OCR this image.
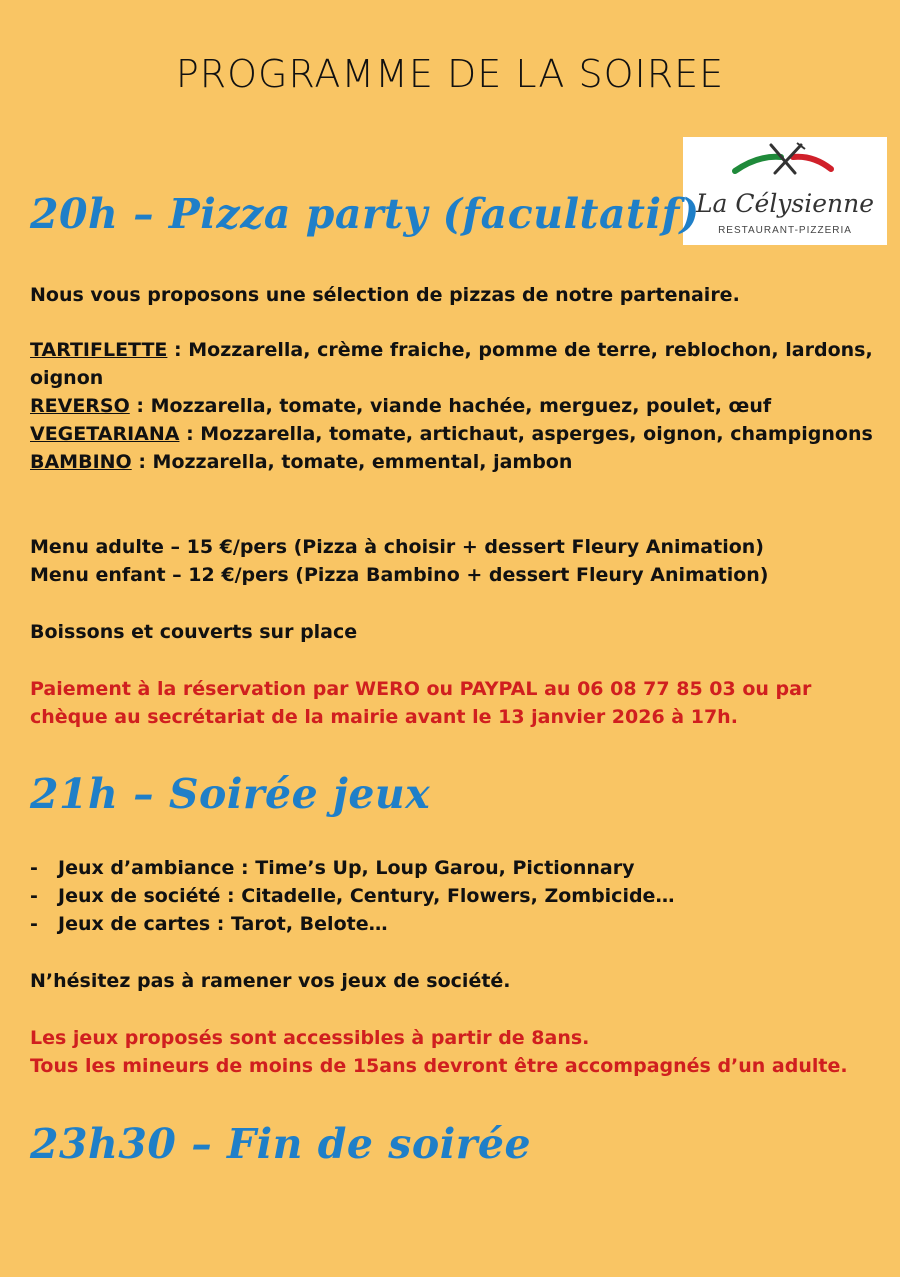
PROGRAMME DE LA SOIREE
La Célysienne
RESTAURANT-PIZZERIA
20h – Pizza party (facultatif)
Nous vous proposons une sélection de pizzas de notre partenaire.
TARTIFLETTE : Mozzarella, crème fraiche, pomme de terre, reblochon, lardons, oignon
REVERSO : Mozzarella, tomate, viande hachée, merguez, poulet, œuf
VEGETARIANA : Mozzarella, tomate, artichaut, asperges, oignon, champignons
BAMBINO : Mozzarella, tomate, emmental, jambon
Menu adulte – 15 €/pers (Pizza à choisir + dessert Fleury Animation)
Menu enfant – 12 €/pers (Pizza Bambino + dessert Fleury Animation)
Boissons et couverts sur place
Paiement à la réservation par WERO ou PAYPAL au 06 08 77 85 03 ou par chèque au secrétariat de la mairie avant le 13 janvier 2026 à 17h.
21h – Soirée jeux
- Jeux d’ambiance : Time’s Up, Loup Garou, Pictionnary
- Jeux de société : Citadelle, Century, Flowers, Zombicide…
- Jeux de cartes : Tarot, Belote…
N’hésitez pas à ramener vos jeux de société.
Les jeux proposés sont accessibles à partir de 8ans.
Tous les mineurs de moins de 15ans devront être accompagnés d’un adulte.
23h30 – Fin de soirée
